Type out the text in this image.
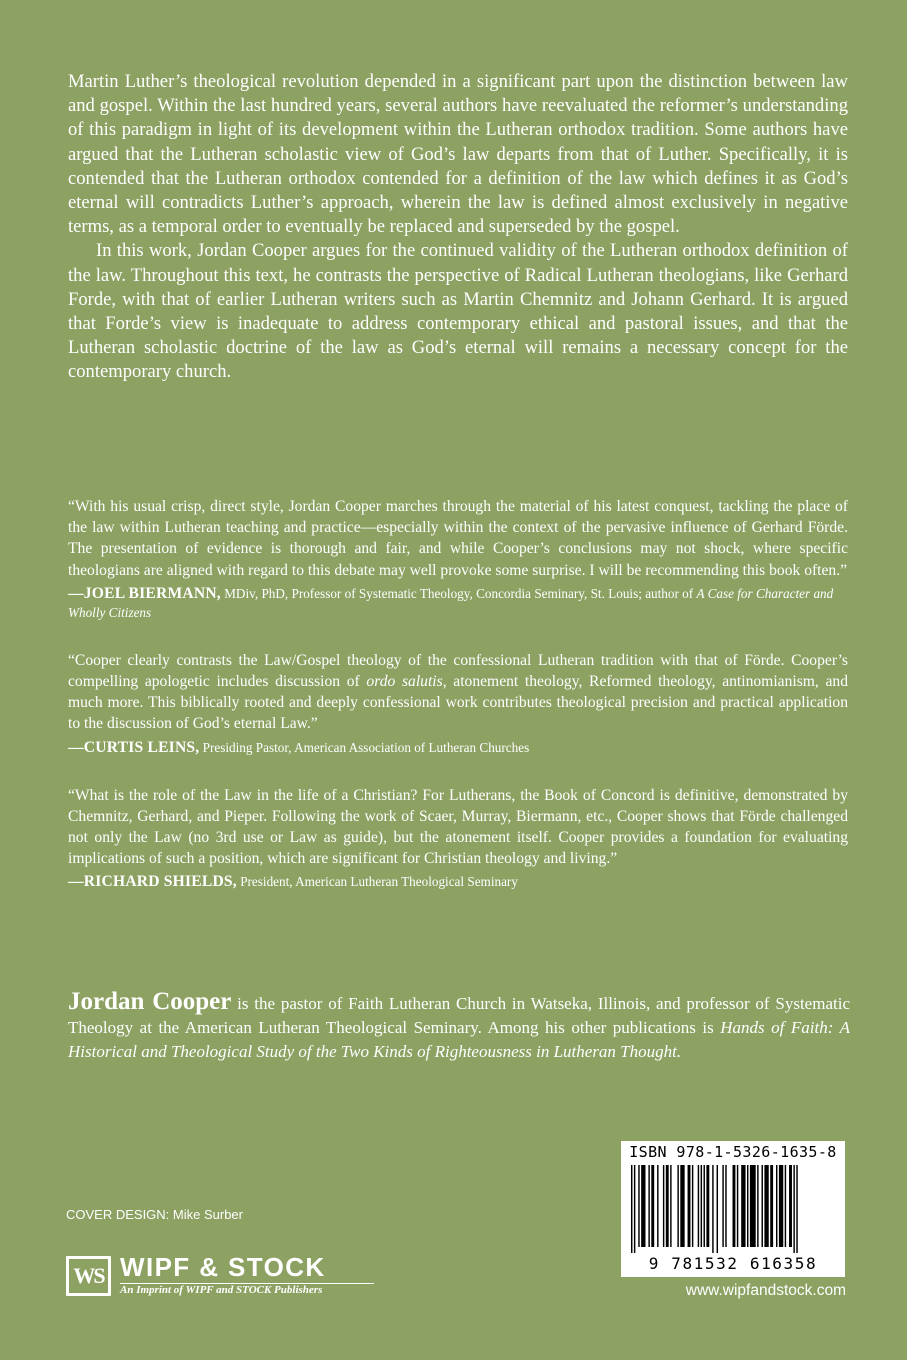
Martin Luther’s theological revolution depended in a significant part upon the distinction between law and gospel. Within the last hundred years, several authors have reevaluated the reformer’s understanding of this paradigm in light of its development within the Lutheran orthodox tradition. Some authors have argued that the Lutheran scholastic view of God’s law departs from that of Luther. Specifically, it is contended that the Lutheran orthodox contended for a definition of the law which defines it as God’s eternal will contradicts Luther’s approach, wherein the law is defined almost exclusively in negative terms, as a temporal order to eventually be replaced and superseded by the gospel.

In this work, Jordan Cooper argues for the continued validity of the Lutheran orthodox definition of the law. Throughout this text, he contrasts the perspective of Radical Lutheran theologians, like Gerhard Forde, with that of earlier Lutheran writers such as Martin Chemnitz and Johann Gerhard. It is argued that Forde’s view is inadequate to address contemporary ethical and pastoral issues, and that the Lutheran scholastic doctrine of the law as God’s eternal will remains a necessary concept for the contemporary church.

“With his usual crisp, direct style, Jordan Cooper marches through the material of his latest conquest, tackling the place of the law within Lutheran teaching and practice—especially within the context of the pervasive influence of Gerhard Förde. The presentation of evidence is thorough and fair, and while Cooper’s conclusions may not shock, where specific theologians are aligned with regard to this debate may well provoke some surprise. I will be recommending this book often.”

—JOEL BIERMANN, MDiv, PhD, Professor of Systematic Theology, Concordia Seminary, St. Louis; author of A Case for Character and Wholly Citizens

“Cooper clearly contrasts the Law/Gospel theology of the confessional Lutheran tradition with that of Förde. Cooper’s compelling apologetic includes discussion of ordo salutis, atonement theology, Reformed theology, antinomianism, and much more. This biblically rooted and deeply confessional work contributes theological precision and practical application to the discussion of God’s eternal Law.”

—CURTIS LEINS, Presiding Pastor, American Association of Lutheran Churches

“What is the role of the Law in the life of a Christian? For Lutherans, the Book of Concord is definitive, demonstrated by Chemnitz, Gerhard, and Pieper. Following the work of Scaer, Murray, Biermann, etc., Cooper shows that Förde challenged not only the Law (no 3rd use or Law as guide), but the atonement itself. Cooper provides a foundation for evaluating implications of such a position, which are significant for Christian theology and living.”

—RICHARD SHIELDS, President, American Lutheran Theological Seminary

Jordan Cooper is the pastor of Faith Lutheran Church in Watseka, Illinois, and professor of Systematic Theology at the American Lutheran Theological Seminary. Among his other publications is Hands of Faith: A Historical and Theological Study of the Two Kinds of Righteousness in Lutheran Thought.

COVER DESIGN: Mike Surber
WS WIPF & STOCK
An Imprint of WIPF and STOCK Publishers
ISBN 978-1-5326-1635-8
9 781532 616358
www.wipfandstock.com
